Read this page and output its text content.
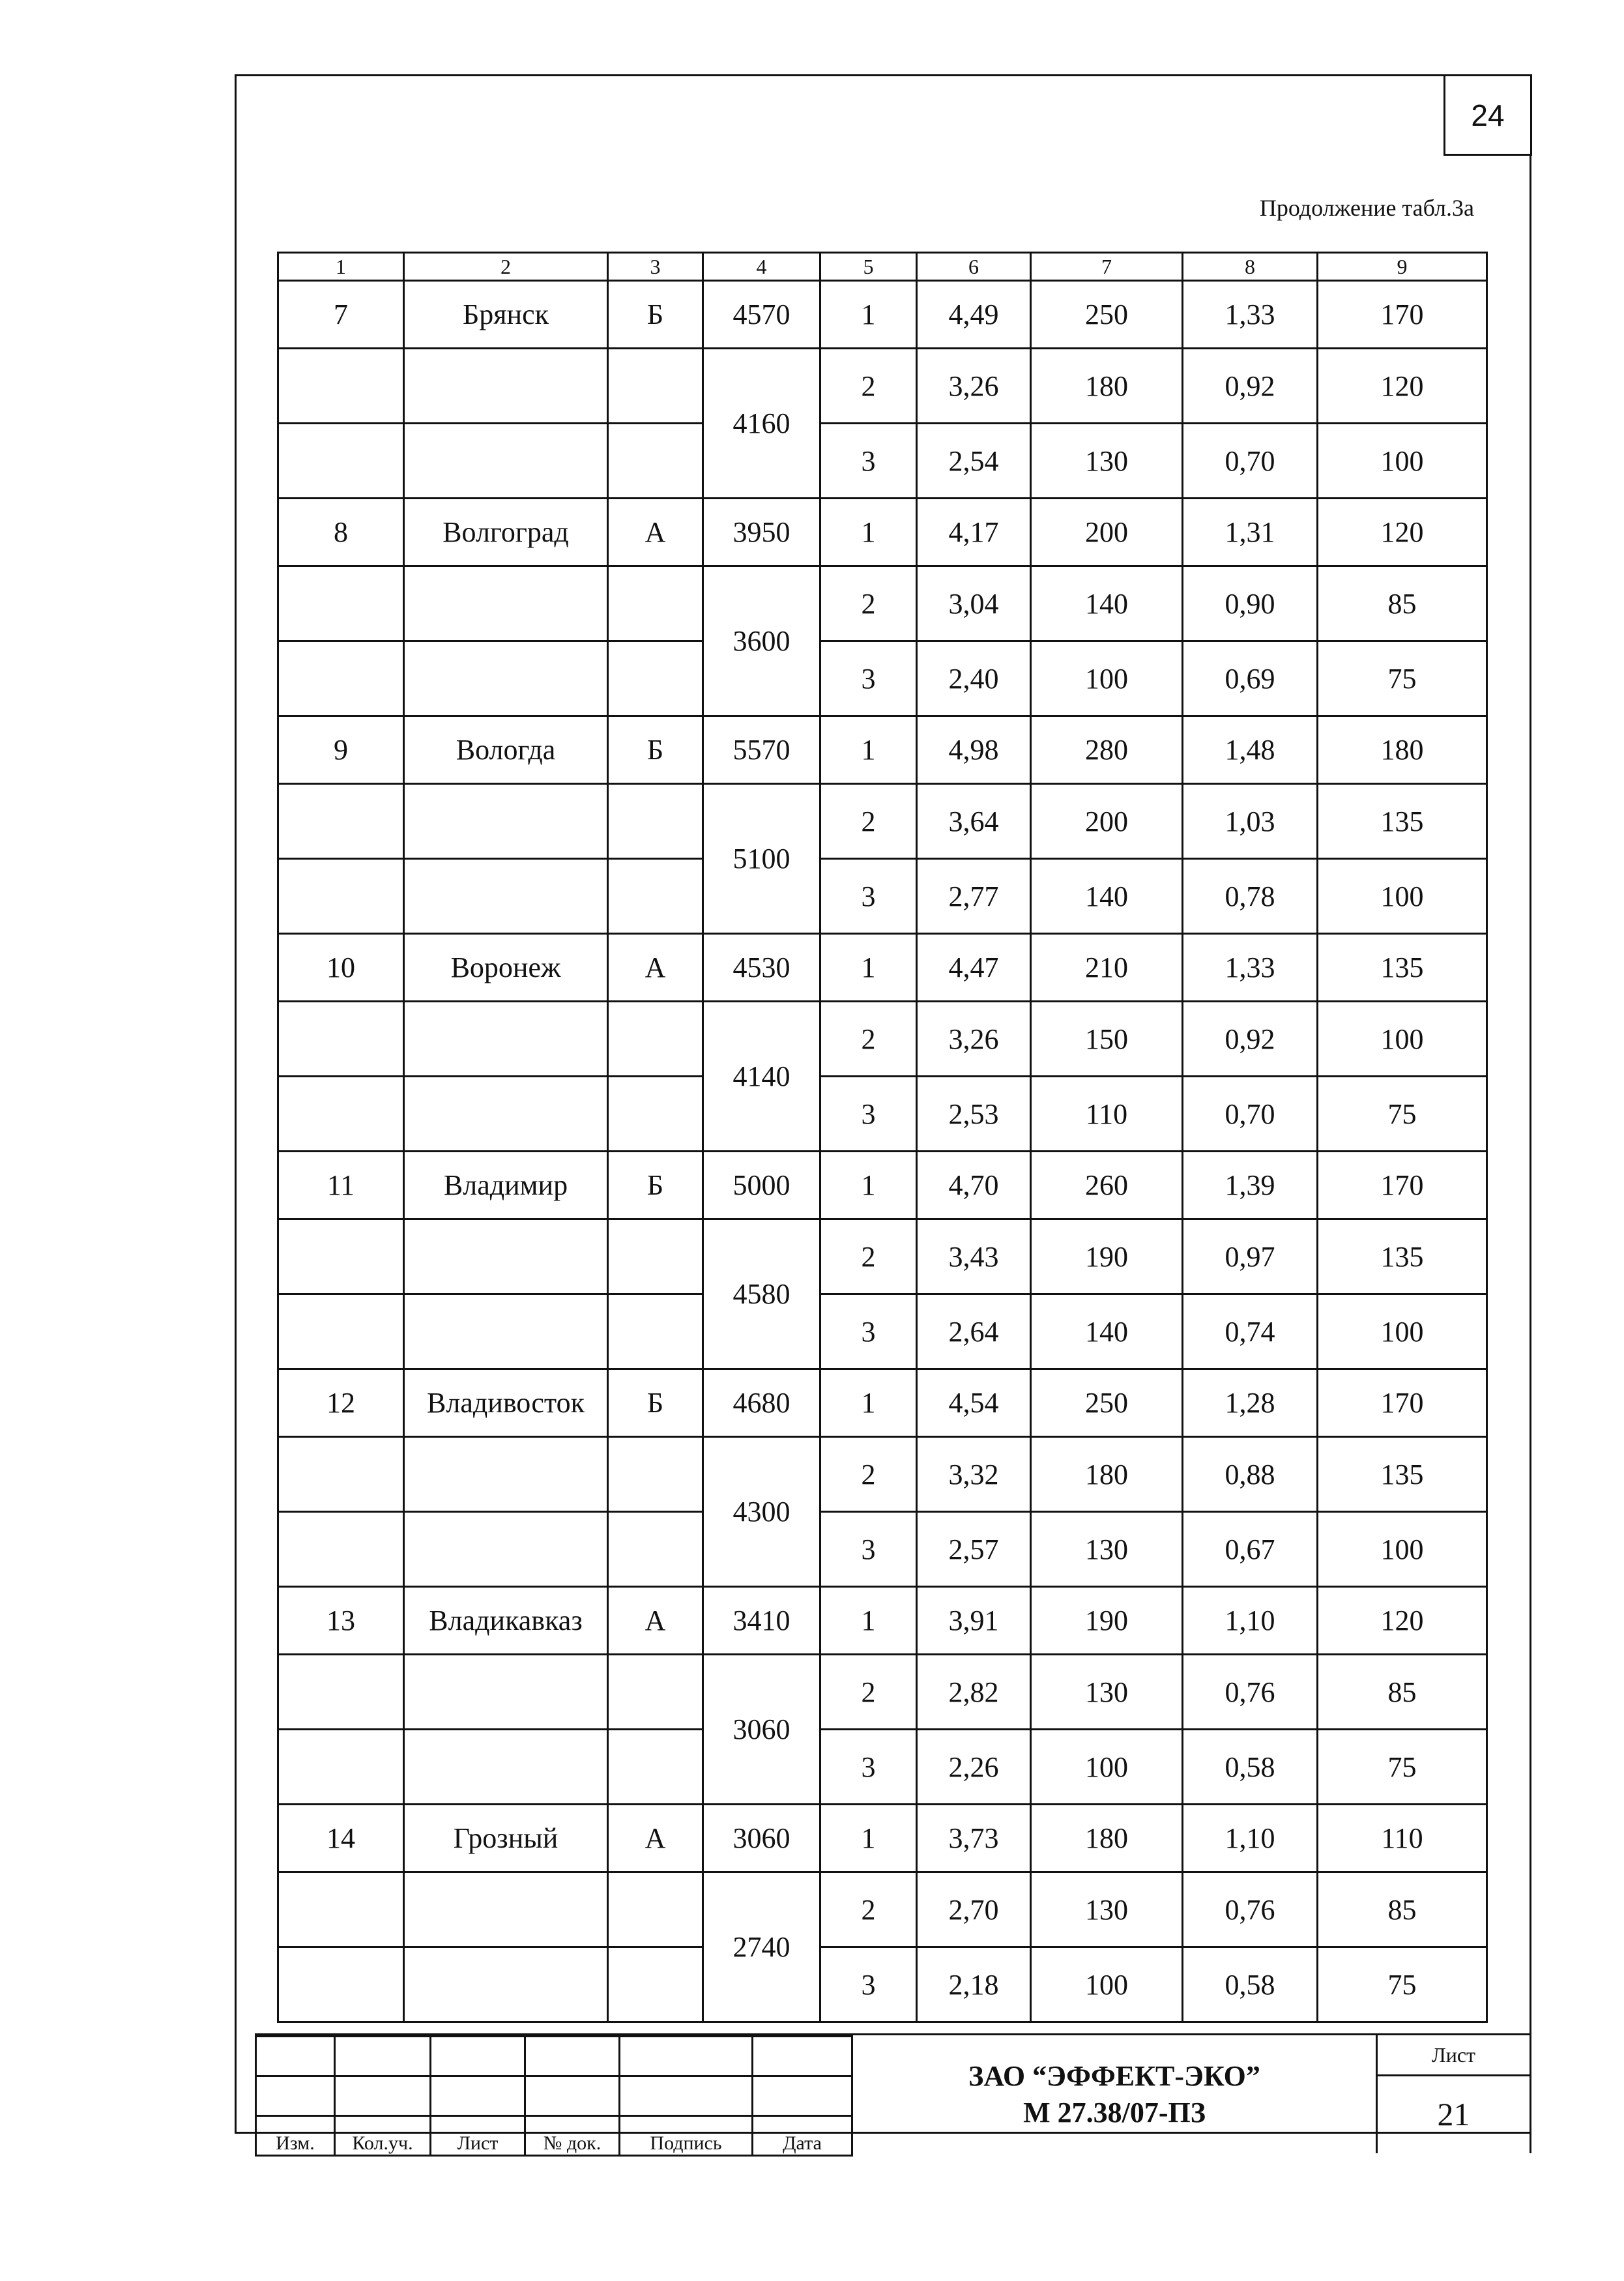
24
Продолжение табл.3а
1	2	3	4	5	6	7	8	9
7	Брянск	Б	4570	1	4,49	250	1,33	170
			4160	2	3,26	180	0,92	120
				3	2,54	130	0,70	100
8	Волгоград	А	3950	1	4,17	200	1,31	120
			3600	2	3,04	140	0,90	85
				3	2,40	100	0,69	75
9	Вологда	Б	5570	1	4,98	280	1,48	180
			5100	2	3,64	200	1,03	135
				3	2,77	140	0,78	100
10	Воронеж	А	4530	1	4,47	210	1,33	135
			4140	2	3,26	150	0,92	100
				3	2,53	110	0,70	75
11	Владимир	Б	5000	1	4,70	260	1,39	170
			4580	2	3,43	190	0,97	135
				3	2,64	140	0,74	100
12	Владивосток	Б	4680	1	4,54	250	1,28	170
			4300	2	3,32	180	0,88	135
				3	2,57	130	0,67	100
13	Владикавказ	А	3410	1	3,91	190	1,10	120
			3060	2	2,82	130	0,76	85
				3	2,26	100	0,58	75
14	Грозный	А	3060	1	3,73	180	1,10	110
			2740	2	2,70	130	0,76	85
				3	2,18	100	0,58	75

Изм.	Кол.уч.	Лист	№ док.	Подпись	Дата
ЗАО “ЭФФЕКТ-ЭКО”
М 27.38/07-ПЗ
Лист
21
